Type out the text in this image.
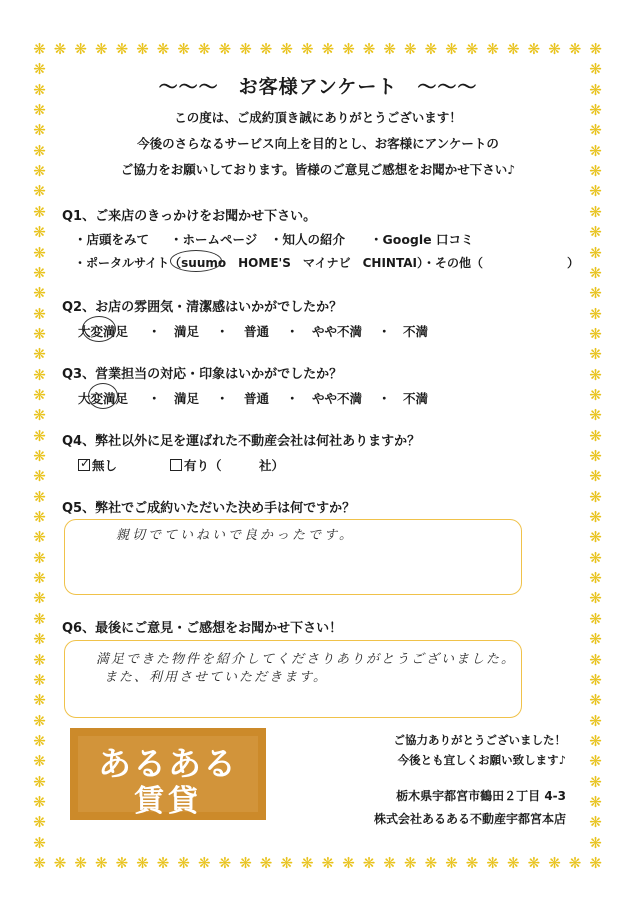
❋
❋
❋
❋
❋
❋
❋
❋
❋
❋
❋
❋
❋
❋
❋
❋
❋
❋
❋
❋
❋
❋
❋
❋
❋
❋
❋
❋
❋
❋
❋
❋
❋
❋
❋
❋
❋
❋
❋
❋
❋
❋
❋
❋
❋
❋
❋
❋
❋
❋
❋
❋
❋
❋
❋
❋
❋	❋
❋	❋
❋	❋
❋	❋
❋	❋
❋	❋
❋	❋
❋	❋
❋	❋
❋	❋
❋	❋
❋	❋
❋	❋
❋	❋
❋	❋
❋	❋
❋	❋
❋	❋
❋	❋
❋	❋
❋	❋
❋	❋
❋	❋
❋	❋
❋	❋
❋	❋
❋	❋
❋	❋
❋	❋
❋	❋
❋	❋
❋	❋
❋	❋
❋	❋
❋	❋
❋	❋
❋	❋
❋	❋
❋	❋
〜〜〜　お客様アンケート　〜〜〜
この度は、ご成約頂き誠にありがとうございます！
今後のさらなるサービス向上を目的とし、お客様にアンケートの
ご協力をお願いしております。皆様のご意見ご感想をお聞かせ下さい♪
Q1、ご来店のきっかけをお聞かせ下さい。
・店頭をみて ・ホームページ ・知人の紹介 ・Google 口コミ
・ポータルサイト（suumo　HOME'S　マイナビ　CHINTAI）・その他（　　　　　　　）
Q2、お店の雰囲気・清潔感はいかがでしたか？
大変満足 ・ 満足 ・ 普通 ・ やや不満 ・ 不満
Q3、営業担当の対応・印象はいかがでしたか？
大変満足 ・ 満足 ・ 普通 ・ やや不満 ・ 不満
Q4、弊社以外に足を運ばれた不動産会社は何社ありますか？
✓ 無し	有り（　　　社）
Q5、弊社でご成約いただいた決め手は何ですか？
親切でていねいで良かったです。
Q6、最後にご意見・ご感想をお聞かせ下さい！
満足できた物件を紹介してくださりありがとうございました。
また、利用させていただきます。
あるある
賃貸
ご協力ありがとうございました！
今後とも宜しくお願い致します♪
栃木県宇都宮市鶴田２丁目 4-3
株式会社あるある不動産宇都宮本店
